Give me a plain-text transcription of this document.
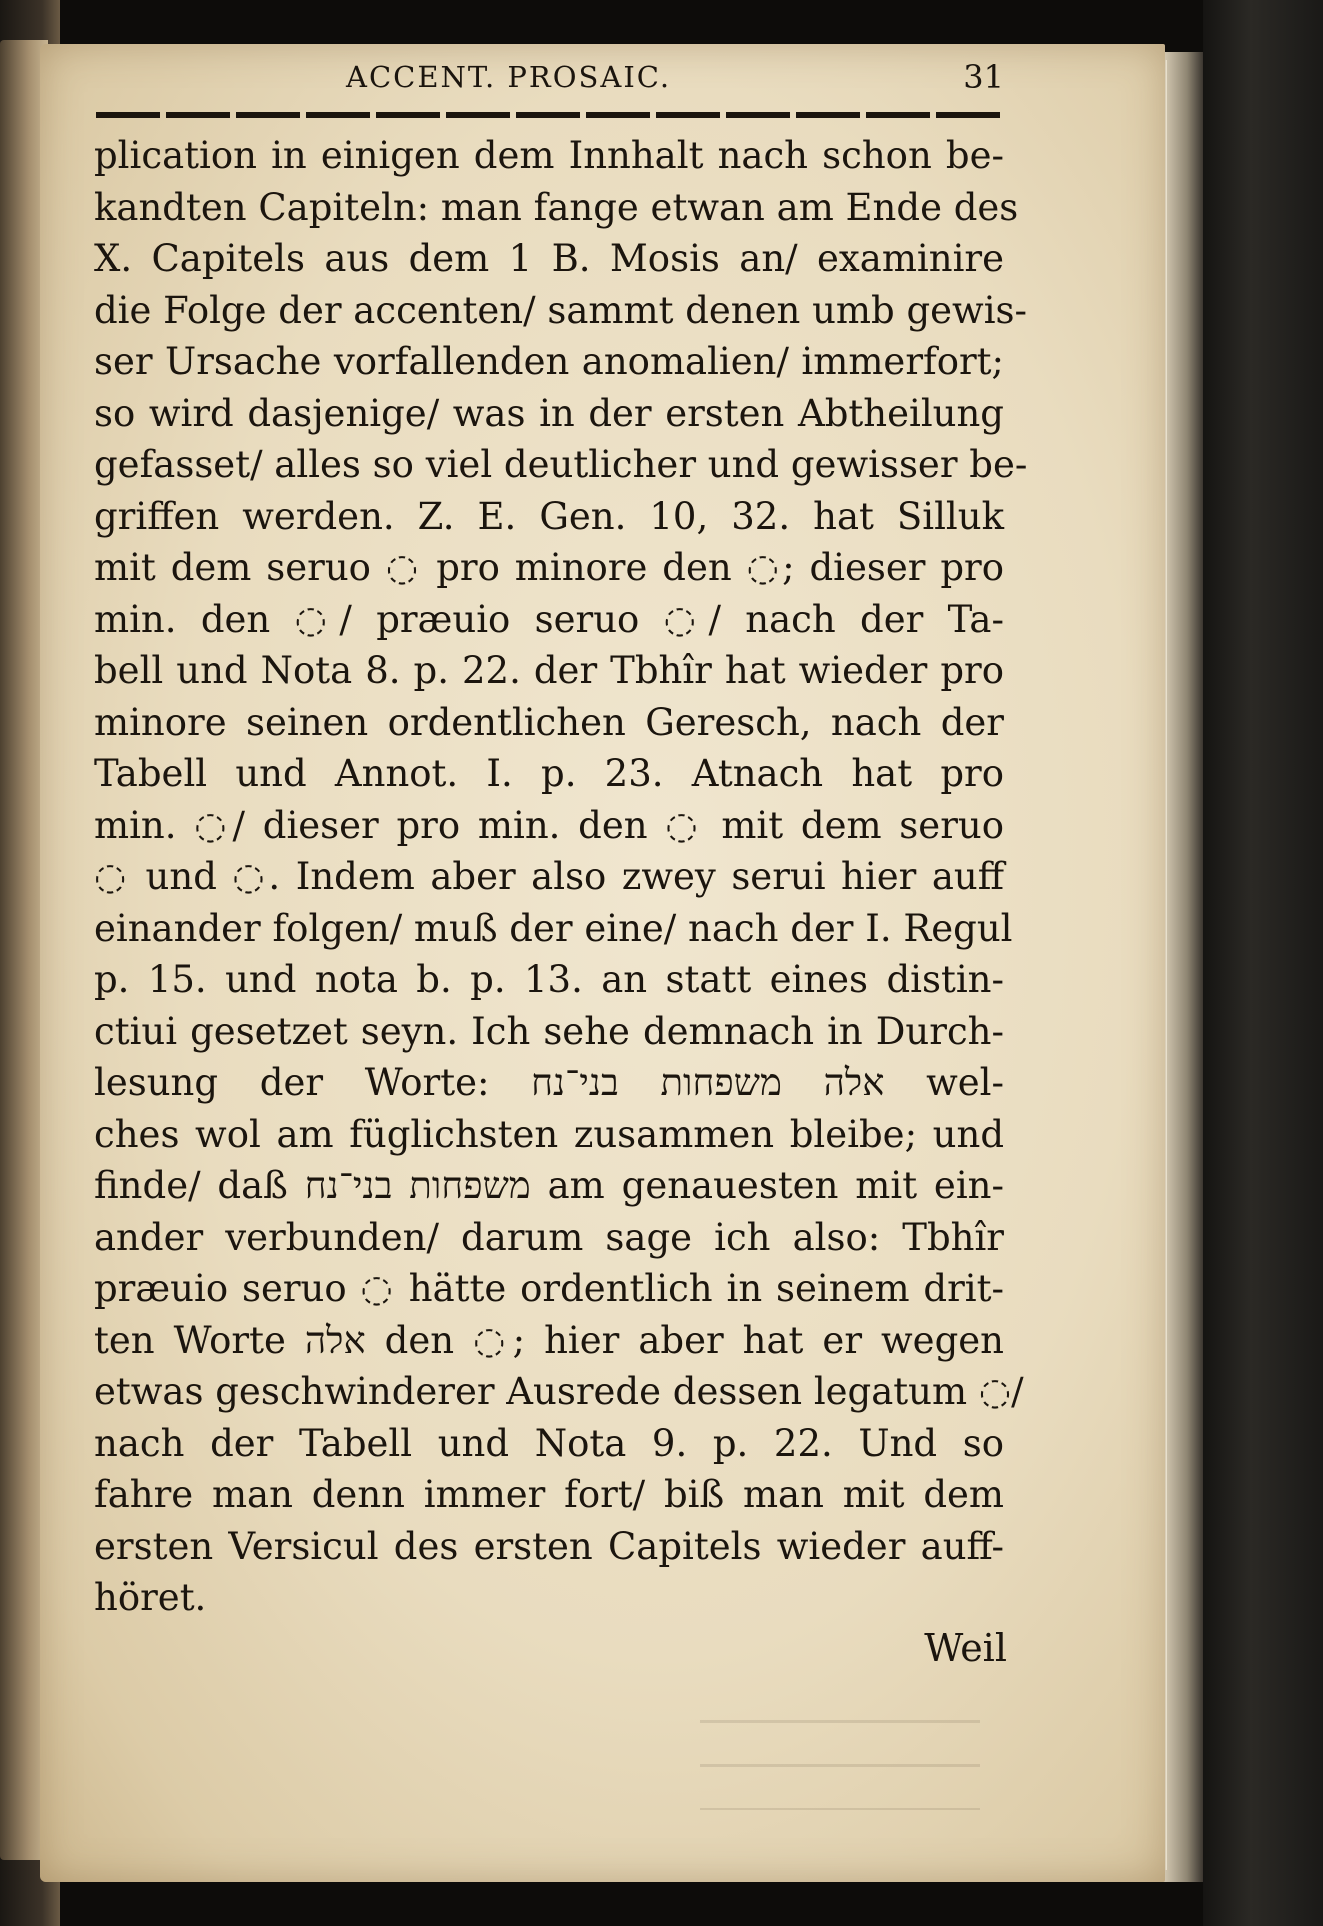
ACCENT. PROSAIC.	31
plication in einigen dem Innhalt nach schon be-
kandten Capiteln: man fange etwan am Ende des
X. Capitels aus dem 1 B. Mosis an/ examinire
die Folge der accenten/ sammt denen umb gewis-
ser Ursache vorfallenden anomalien/ immerfort;
so wird dasjenige/ was in der ersten Abtheilung
gefasset/ alles so viel deutlicher und gewisser be-
griffen werden. Z. E. Gen. 10, 32. hat Silluk
mit dem seruo ◌ pro minore den ◌; dieser pro
min. den ◌/ præuio seruo ◌/ nach der Ta-
bell und Nota 8. p. 22. der Tbhîr hat wieder pro
minore seinen ordentlichen Geresch, nach der
Tabell und Annot. I. p. 23. Atnach hat pro
min. ◌/ dieser pro min. den ◌ mit dem seruo
◌ und ◌. Indem aber also zwey serui hier auff
einander folgen/ muß der eine/ nach der I. Regul
p. 15. und nota b. p. 13. an statt eines distin-
ctiui gesetzet seyn. Ich sehe demnach in Durch-
lesung der Worte: אלה משפחות בני־נח wel-
ches wol am füglichsten zusammen bleibe; und
finde/ daß משפחות בני־נח am genauesten mit ein-
ander verbunden/ darum sage ich also: Tbhîr
præuio seruo ◌ hätte ordentlich in seinem drit-
ten Worte אלה den ◌; hier aber hat er wegen
etwas geschwinderer Ausrede dessen legatum ◌/
nach der Tabell und Nota 9. p. 22. Und so
fahre man denn immer fort/ biß man mit dem
ersten Versicul des ersten Capitels wieder auff-
höret.
Weil
